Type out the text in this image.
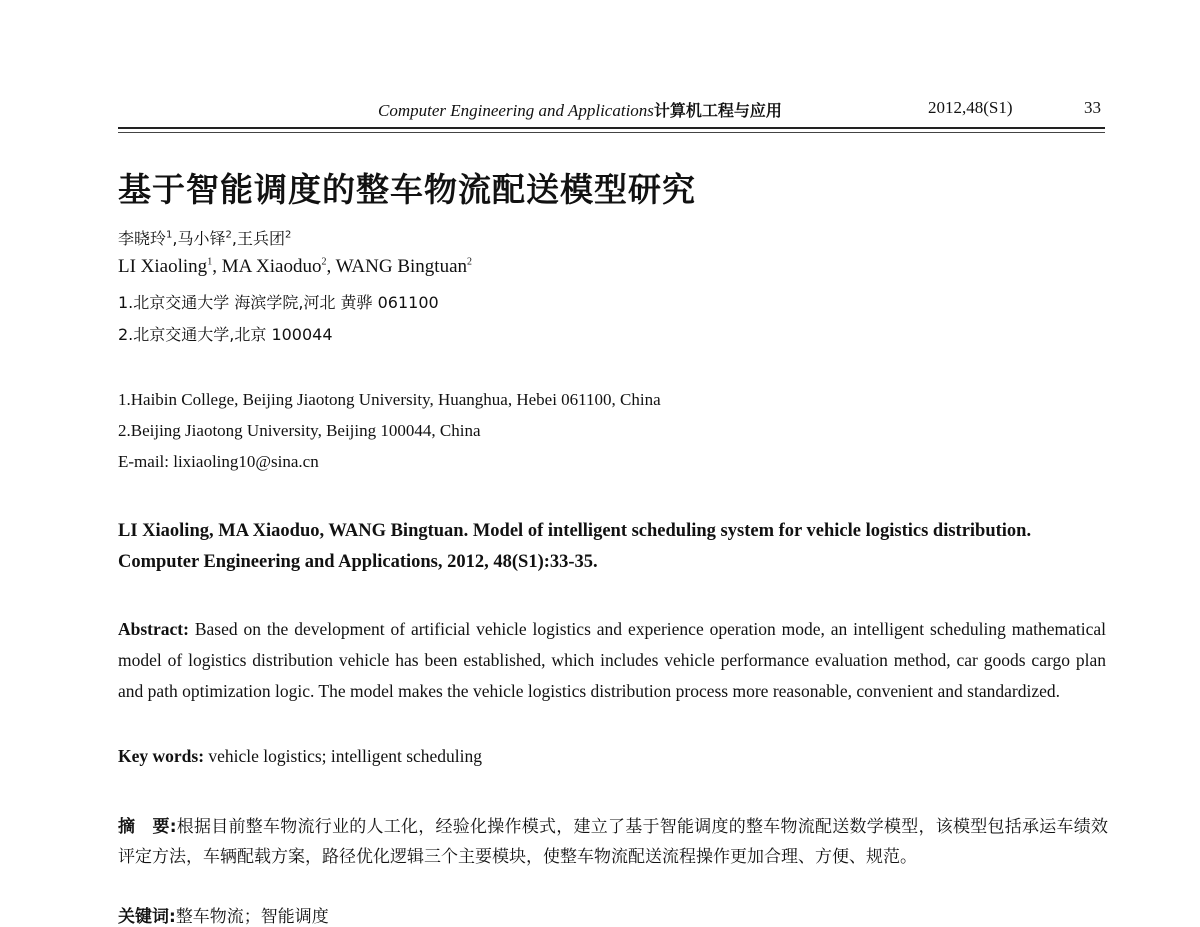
Computer Engineering and Applications计算机工程与应用	2012,48(S1)	33
基于智能调度的整车物流配送模型研究
李晓玲$^1$,马小铎$^2$,王兵团$^2$
LI Xiaoling$^1$, MA Xiaoduo$^2$, WANG Bingtuan$^2$
1.北京交通大学 海滨学院,河北 黄骅 061100
2.北京交通大学,北京 100044
1.Haibin College, Beijing Jiaotong University, Huanghua, Hebei 061100, China
2.Beijing Jiaotong University, Beijing 100044, China
E-mail: lixiaoling10@sina.cn
LI Xiaoling, MA Xiaoduo, WANG Bingtuan. Model of intelligent scheduling system for vehicle logistics distribution. Computer Engineering and Applications, 2012, 48(S1):33-35.
Abstract: Based on the development of artificial vehicle logistics and experience operation mode, an intelligent scheduling mathematical model of logistics distribution vehicle has been established, which includes vehicle performance evaluation method, car goods cargo plan and path optimization logic. The model makes the vehicle logistics distribution process more reasonable, convenient and standardized.
Key words: vehicle logistics; intelligent scheduling
摘　要:根据目前整车物流行业的人工化，经验化操作模式，建立了基于智能调度的整车物流配送数学模型，该模型包括承运车绩效评定方法，车辆配载方案，路径优化逻辑三个主要模块，使整车物流配送流程操作更加合理、方便、规范。
关键词:整车物流；智能调度
